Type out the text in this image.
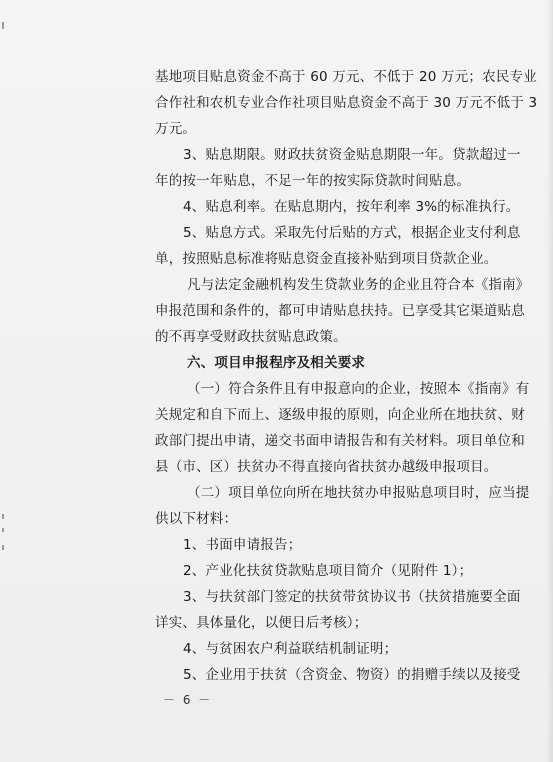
基地项目贴息资金不高于 60 万元、不低于 20 万元；农民专业
合作社和农机专业合作社项目贴息资金不高于 30 万元不低于 3
万元。
3、贴息期限。财政扶贫资金贴息期限一年。贷款超过一
年的按一年贴息，不足一年的按实际贷款时间贴息。
4、贴息利率。在贴息期内，按年利率 3%的标准执行。
5、贴息方式。采取先付后贴的方式，根据企业支付利息
单，按照贴息标准将贴息资金直接补贴到项目贷款企业。
凡与法定金融机构发生贷款业务的企业且符合本《指南》
申报范围和条件的，都可申请贴息扶持。已享受其它渠道贴息
的不再享受财政扶贫贴息政策。
六、项目申报程序及相关要求
（一）符合条件且有申报意向的企业，按照本《指南》有
关规定和自下而上、逐级申报的原则，向企业所在地扶贫、财
政部门提出申请，递交书面申请报告和有关材料。项目单位和
县（市、区）扶贫办不得直接向省扶贫办越级申报项目。
（二）项目单位向所在地扶贫办申报贴息项目时，应当提
供以下材料：
1、书面申请报告；
2、产业化扶贫贷款贴息项目简介（见附件 1）；
3、与扶贫部门签定的扶贫带贫协议书（扶贫措施要全面
详实、具体量化，以便日后考核）；
4、与贫困农户利益联结机制证明；
5、企业用于扶贫（含资金、物资）的捐赠手续以及接受
－ 6 －
